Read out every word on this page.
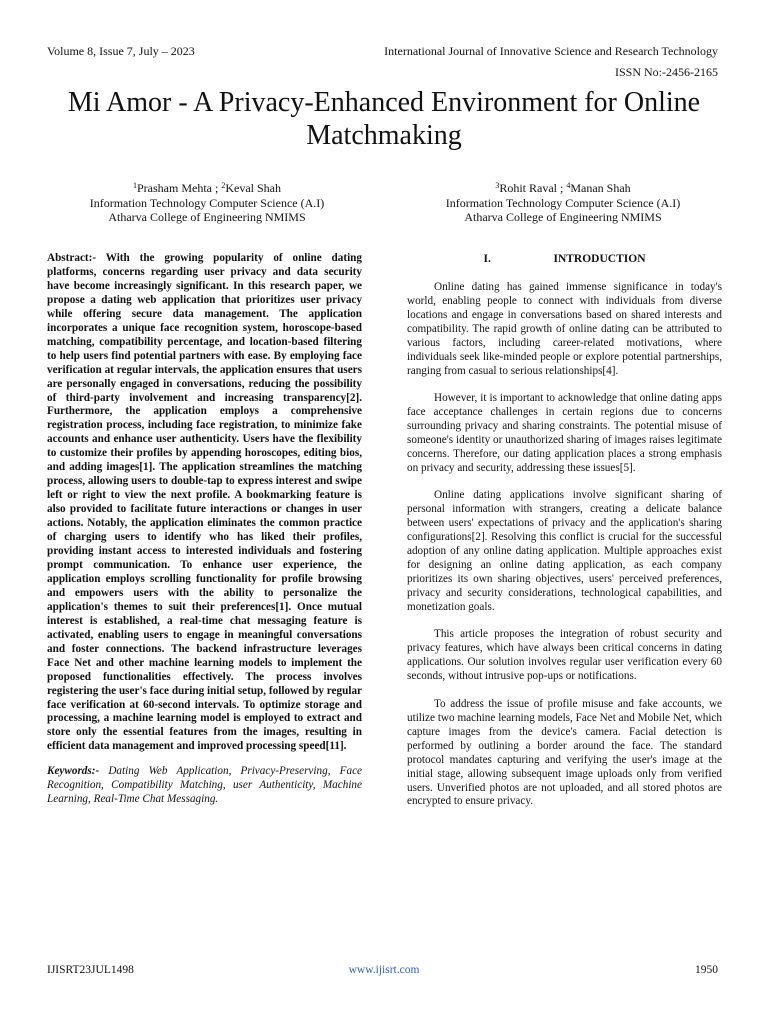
Volume 8, Issue 7, July – 2023	International Journal of Innovative Science and Research Technology
ISSN No:-2456-2165
Mi Amor - A Privacy-Enhanced Environment for Online Matchmaking
$^1$Prasham Mehta ; $^2$Keval Shah
Information Technology Computer Science (A.I)
Atharva College of Engineering NMIMS
$^3$Rohit Raval ; $^4$Manan Shah
Information Technology Computer Science (A.I)
Atharva College of Engineering NMIMS

Abstract:- With the growing popularity of online dating platforms, concerns regarding user privacy and data security have become increasingly significant. In this research paper, we propose a dating web application that prioritizes user privacy while offering secure data management. The application incorporates a unique face recognition system, horoscope-based matching, compatibility percentage, and location-based filtering to help users find potential partners with ease. By employing face verification at regular intervals, the application ensures that users are personally engaged in conversations, reducing the possibility of third-party involvement and increasing transparency[2]. Furthermore, the application employs a comprehensive registration process, including face registration, to minimize fake accounts and enhance user authenticity. Users have the flexibility to customize their profiles by appending horoscopes, editing bios, and adding images[1]. The application streamlines the matching process, allowing users to double-tap to express interest and swipe left or right to view the next profile. A bookmarking feature is also provided to facilitate future interactions or changes in user actions. Notably, the application eliminates the common practice of charging users to identify who has liked their profiles, providing instant access to interested individuals and fostering prompt communication. To enhance user experience, the application employs scrolling functionality for profile browsing and empowers users with the ability to personalize the application's themes to suit their preferences[1]. Once mutual interest is established, a real-time chat messaging feature is activated, enabling users to engage in meaningful conversations and foster connections. The backend infrastructure leverages Face Net and other machine learning models to implement the proposed functionalities effectively. The process involves registering the user's face during initial setup, followed by regular face verification at 60-second intervals. To optimize storage and processing, a machine learning model is employed to extract and store only the essential features from the images, resulting in efficient data management and improved processing speed[11].

Keywords:- Dating Web Application, Privacy-Preserving, Face Recognition, Compatibility Matching, user Authenticity, Machine Learning, Real-Time Chat Messaging.

I.	INTRODUCTION

Online dating has gained immense significance in today's world, enabling people to connect with individuals from diverse locations and engage in conversations based on shared interests and compatibility. The rapid growth of online dating can be attributed to various factors, including career-related motivations, where individuals seek like-minded people or explore potential partnerships, ranging from casual to serious relationships[4].

However, it is important to acknowledge that online dating apps face acceptance challenges in certain regions due to concerns surrounding privacy and sharing constraints. The potential misuse of someone's identity or unauthorized sharing of images raises legitimate concerns. Therefore, our dating application places a strong emphasis on privacy and security, addressing these issues[5].

Online dating applications involve significant sharing of personal information with strangers, creating a delicate balance between users' expectations of privacy and the application's sharing configurations[2]. Resolving this conflict is crucial for the successful adoption of any online dating application. Multiple approaches exist for designing an online dating application, as each company prioritizes its own sharing objectives, users' perceived preferences, privacy and security considerations, technological capabilities, and monetization goals.

This article proposes the integration of robust security and privacy features, which have always been critical concerns in dating applications. Our solution involves regular user verification every 60 seconds, without intrusive pop-ups or notifications.

To address the issue of profile misuse and fake accounts, we utilize two machine learning models, Face Net and Mobile Net, which capture images from the device's camera. Facial detection is performed by outlining a border around the face. The standard protocol mandates capturing and verifying the user's image at the initial stage, allowing subsequent image uploads only from verified users. Unverified photos are not uploaded, and all stored photos are encrypted to ensure privacy.

IJISRT23JUL1498	www.ijisrt.com	1950
